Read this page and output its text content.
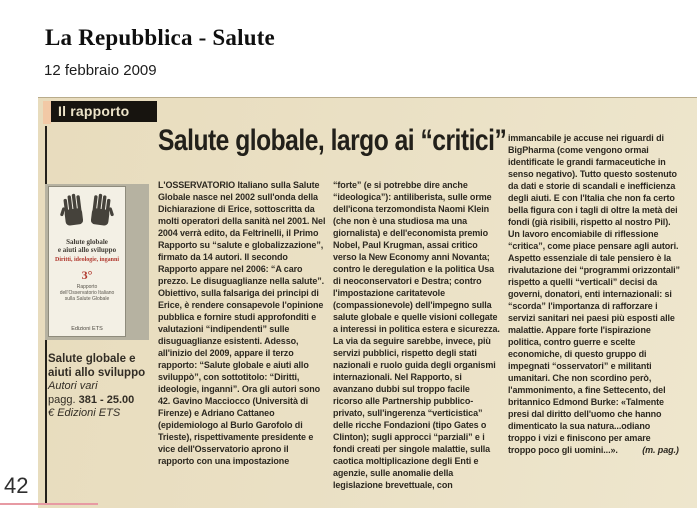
La Repubblica - Salute
12 febbraio 2009
Il rapporto
Salute globale, largo ai “critici”
L'OSSERVATORIO Italiano sulla Salute Globale nasce nel 2002 sull'onda della Dichiarazione di Erice, sottoscritta da molti operatori della sanità nel 2001. Nel 2004 verrà edito, da Feltrinelli, il Primo Rapporto su “salute e globalizzazione”, firmato da 14 autori. Il secondo Rapporto appare nel 2006: “A caro prezzo. Le disuguaglianze nella salute”. Obiettivo, sulla falsariga dei principi di Erice, è rendere consapevole l'opinione pubblica e fornire studi approfonditi e valutazioni “indipendenti” sulle disuguaglianze esistenti. Adesso, all'inizio del 2009, appare il terzo rapporto: “Salute globale e aiuti allo sviluppò”, con sottotitolo: “Diritti, ideologie, inganni”. Ora gli autori sono 42. Gavino Macciocco (Università di Firenze) e Adriano Cattaneo (epidemiologo al Burlo Garofolo di Trieste), rispettivamente presidente e vice dell'Osservatorio aprono il rapporto con una impostazione
“forte” (e si potrebbe dire anche “ideologica”): antiliberista, sulle orme dell'icona terzomondista Naomi Klein (che non è una studiosa ma una giornalista) e dell'economista premio Nobel, Paul Krugman, assai critico verso la New Economy anni Novanta; contro le deregulation e la politica Usa di neoconservatori e Destra; contro l'impostazione caritatevole (compassionevole) dell'impegno sulla salute globale e quelle visioni collegate a interessi in politica estera e sicurezza. La via da seguire sarebbe, invece, più servizi pubblici, rispetto degli stati nazionali e ruolo guida degli organismi internazionali. Nel Rapporto, si avanzano dubbi sul troppo facile ricorso alle Partnership pubblico-privato, sull'ingerenza “verticistica” delle ricche Fondazioni (tipo Gates o Clinton); sugli approcci “parziali” e i fondi creati per singole malattie, sulla caotica moltiplicazione degli Enti e agenzie, sulle anomalie della legislazione brevettuale, con
immancabile je accuse nei riguardi di BigPharma (come vengono ormai identificate le grandi farmaceutiche in senso negativo). Tutto questo sostenuto da dati e storie di scandali e inefficienza degli aiuti. E con l'Italia che non fa certo bella figura con i tagli di oltre la metà dei fondi (già risibili, rispetto al nostro Pil). Un lavoro encomiabile di riflessione “critica”, come piace pensare agli autori. Aspetto essenziale di tale pensiero è la rivalutazione dei “programmi orizzontali” rispetto a quelli “verticali” decisi da governi, donatori, enti internazionali: si “scorda” l'importanza di rafforzare i servizi sanitari nei paesi più esposti alle malattie. Appare forte l'ispirazione politica, contro guerre e scelte economiche, di questo gruppo di impegnati “osservatori” e militanti umanitari. Che non scordino però, l'ammonimento, a fine Settecento, del britannico Edmond Burke: «Talmente presi dal diritto dell'uomo che hanno dimenticato la sua natura...odiano troppo i vizi e finiscono per amare troppo poco gli uomini...».	(m. pag.)
Salute globale
e aiuti allo sviluppo
Diritti, ideologie, inganni
3°
Rapporto
dell'Osservatorio Italiano
sulla Salute Globale
Edizioni ETS
Salute globale e
aiuti allo sviluppo
Autori vari
pagg. 381 - 25.00
€ Edizioni ETS
42
